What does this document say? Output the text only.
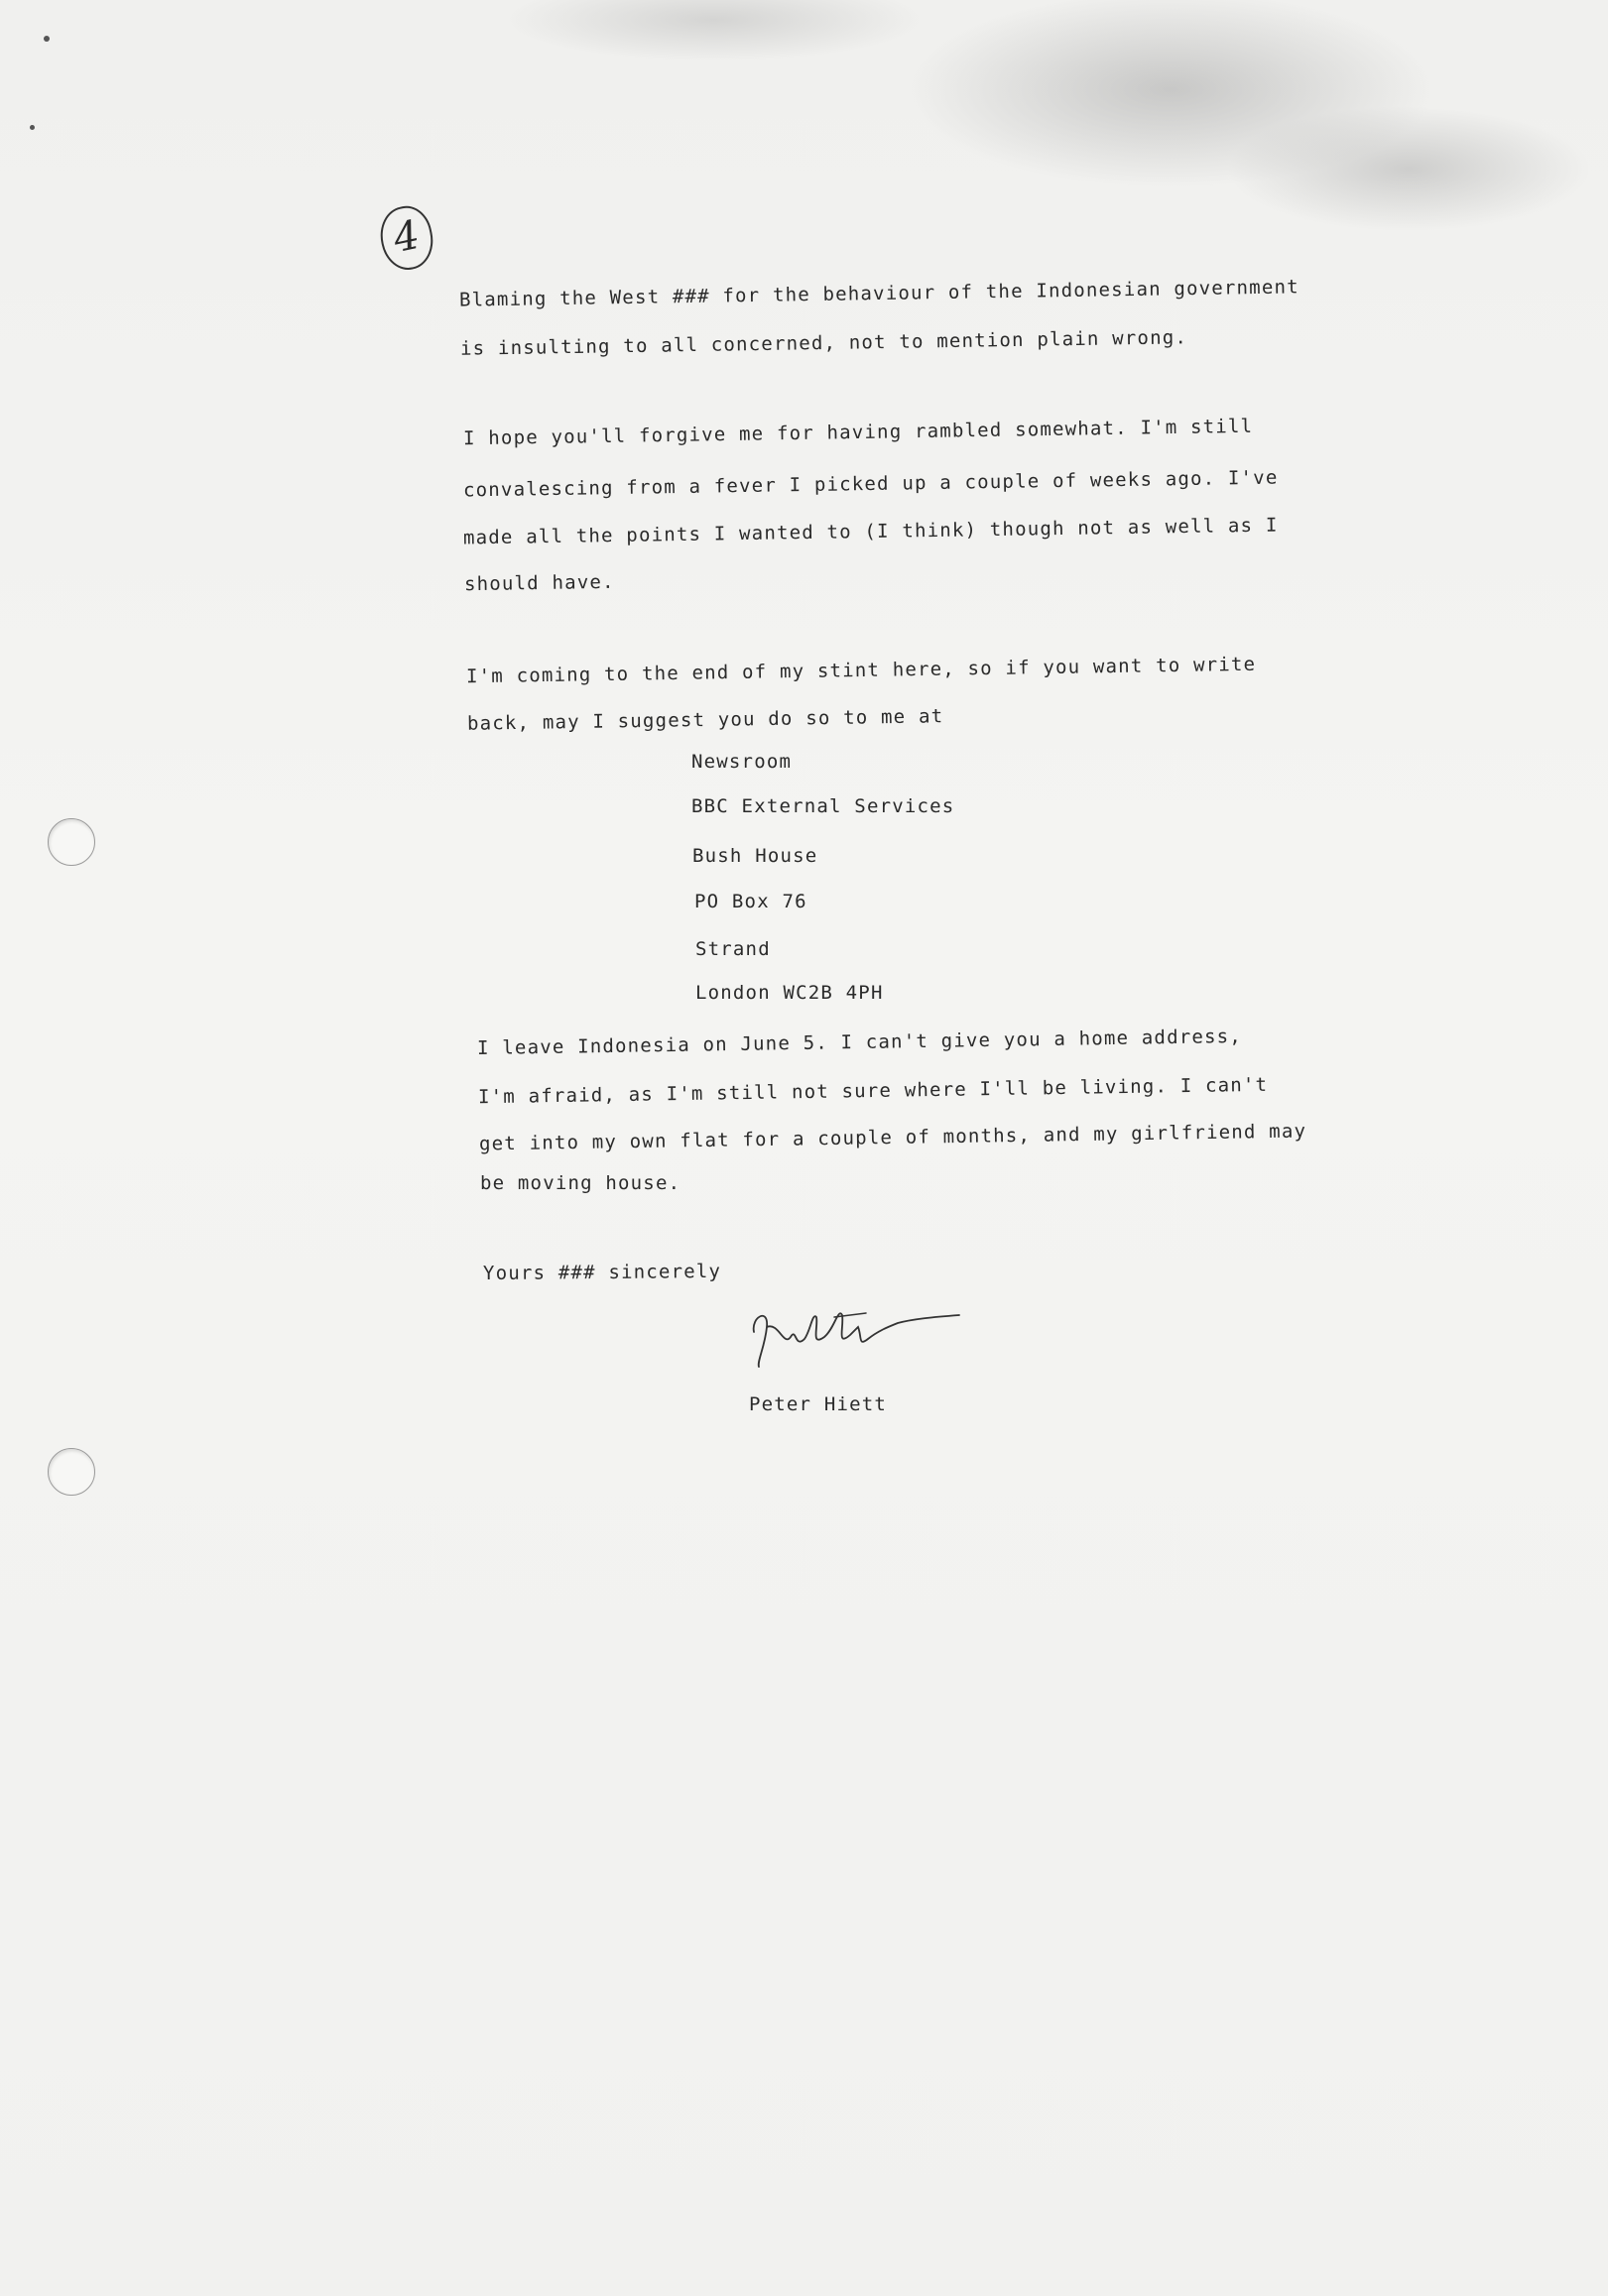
4

Blaming the West ### for the behaviour of the Indonesian government

is insulting to all concerned, not to mention plain wrong.

I hope you'll forgive me for having rambled somewhat. I'm still

convalescing from a fever I picked up a couple of weeks ago. I've

made all the points I wanted to (I think) though not as well as I

should have.

I'm coming to the end of my stint here, so if you want to write

back, may I suggest you do so to me at

Newsroom

BBC External Services

Bush House

PO Box 76

Strand

London WC2B 4PH

I leave Indonesia on June 5. I can't give you a home address,

I'm afraid, as I'm still not sure where I'll be living. I can't

get into my own flat for a couple of months, and my girlfriend may

be moving house.

Yours ### sincerely

Peter Hiett
